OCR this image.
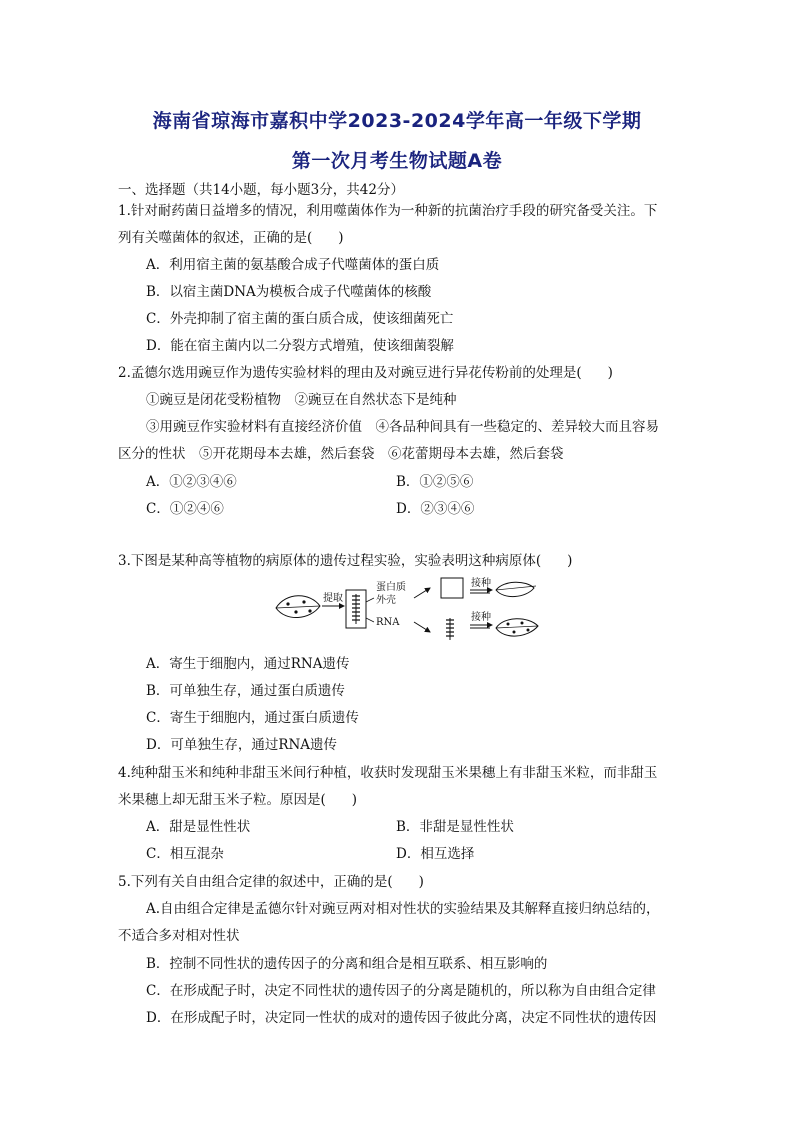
海南省琼海市嘉积中学2023-2024学年高一年级下学期
第一次月考生物试题A卷
一、选择题（共14小题，每小题3分，共42分）
1.针对耐药菌日益增多的情况，利用噬菌体作为一种新的抗菌治疗手段的研究备受关注。下
列有关噬菌体的叙述，正确的是( )
A．利用宿主菌的氨基酸合成子代噬菌体的蛋白质
B．以宿主菌DNA为模板合成子代噬菌体的核酸
C．外壳抑制了宿主菌的蛋白质合成，使该细菌死亡
D．能在宿主菌内以二分裂方式增殖，使该细菌裂解
2.孟德尔选用豌豆作为遗传实验材料的理由及对豌豆进行异花传粉前的处理是( )
①豌豆是闭花受粉植物　②豌豆在自然状态下是纯种
③用豌豆作实验材料有直接经济价值　④各品种间具有一些稳定的、差异较大而且容易
区分的性状　⑤开花期母本去雄，然后套袋　⑥花蕾期母本去雄，然后套袋
A．①②③④⑥	B．①②⑤⑥
C．①②④⑥	D．②③④⑥
3.下图是某种高等植物的病原体的遗传过程实验，实验表明这种病原体( )
提取
蛋白质
外壳
RNA
接种
接种
A．寄生于细胞内，通过RNA遗传
B．可单独生存，通过蛋白质遗传
C．寄生于细胞内，通过蛋白质遗传
D．可单独生存，通过RNA遗传
4.纯种甜玉米和纯种非甜玉米间行种植，收获时发现甜玉米果穗上有非甜玉米粒，而非甜玉
米果穗上却无甜玉米子粒。原因是( )
A．甜是显性性状	B．非甜是显性性状
C．相互混杂	D．相互选择
5.下列有关自由组合定律的叙述中，正确的是( )
A.自由组合定律是孟德尔针对豌豆两对相对性状的实验结果及其解释直接归纳总结的，
不适合多对相对性状
B．控制不同性状的遗传因子的分离和组合是相互联系、相互影响的
C．在形成配子时，决定不同性状的遗传因子的分离是随机的，所以称为自由组合定律
D．在形成配子时，决定同一性状的成对的遗传因子彼此分离，决定不同性状的遗传因
